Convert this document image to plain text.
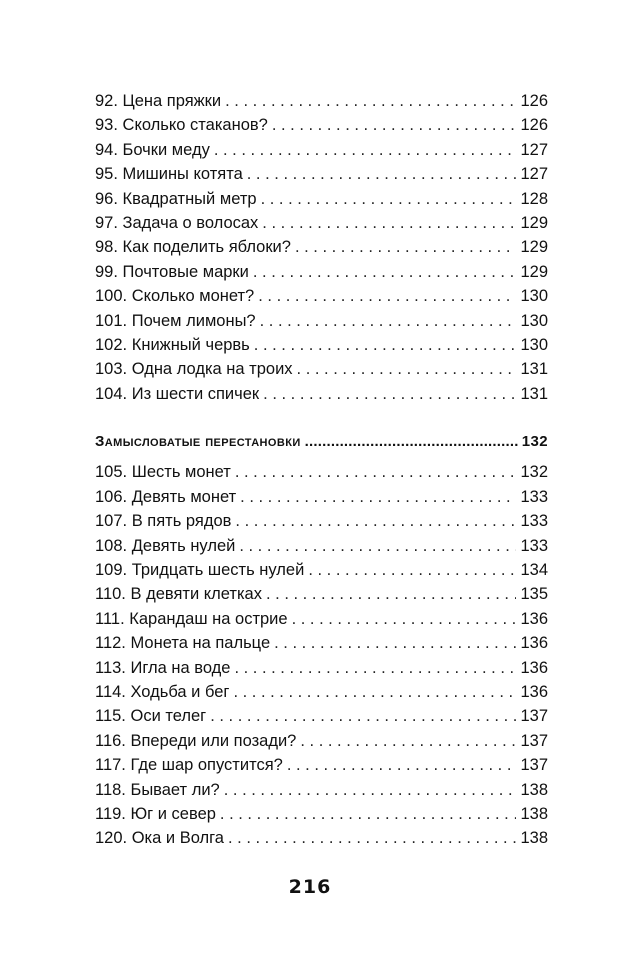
92. Цена пряжки . . .	126
93. Сколько стаканов? . . .	126
94. Бочки меду . . .	127
95. Мишины котята . . .	127
96. Квадратный метр . . .	128
97. Задача о волосах . . .	129
98. Как поделить яблоки? . . .	129
99. Почтовые марки . . .	129
100. Сколько монет? . . .	130
101. Почем лимоны? . . .	130
102. Книжный червь . . .	130
103. Одна лодка на троих . . .	131
104. Из шести спичек . . .	131
Замысловатые перестановки .....	132
105. Шесть монет . . .	132
106. Девять монет . . .	133
107. В пять рядов . . .	133
108. Девять нулей . . .	133
109. Тридцать шесть нулей . . .	134
110. В девяти клетках . . .	135
111. Карандаш на острие . . .	136
112. Монета на пальце . . .	136
113. Игла на воде . . .	136
114. Ходьба и бег . . .	136
115. Оси телег . . .	137
116. Впереди или позади? . . .	137
117. Где шар опустится? . . .	137
118. Бывает ли? . . .	138
119. Юг и север . . .	138
120. Ока и Волга . . .	138
216
